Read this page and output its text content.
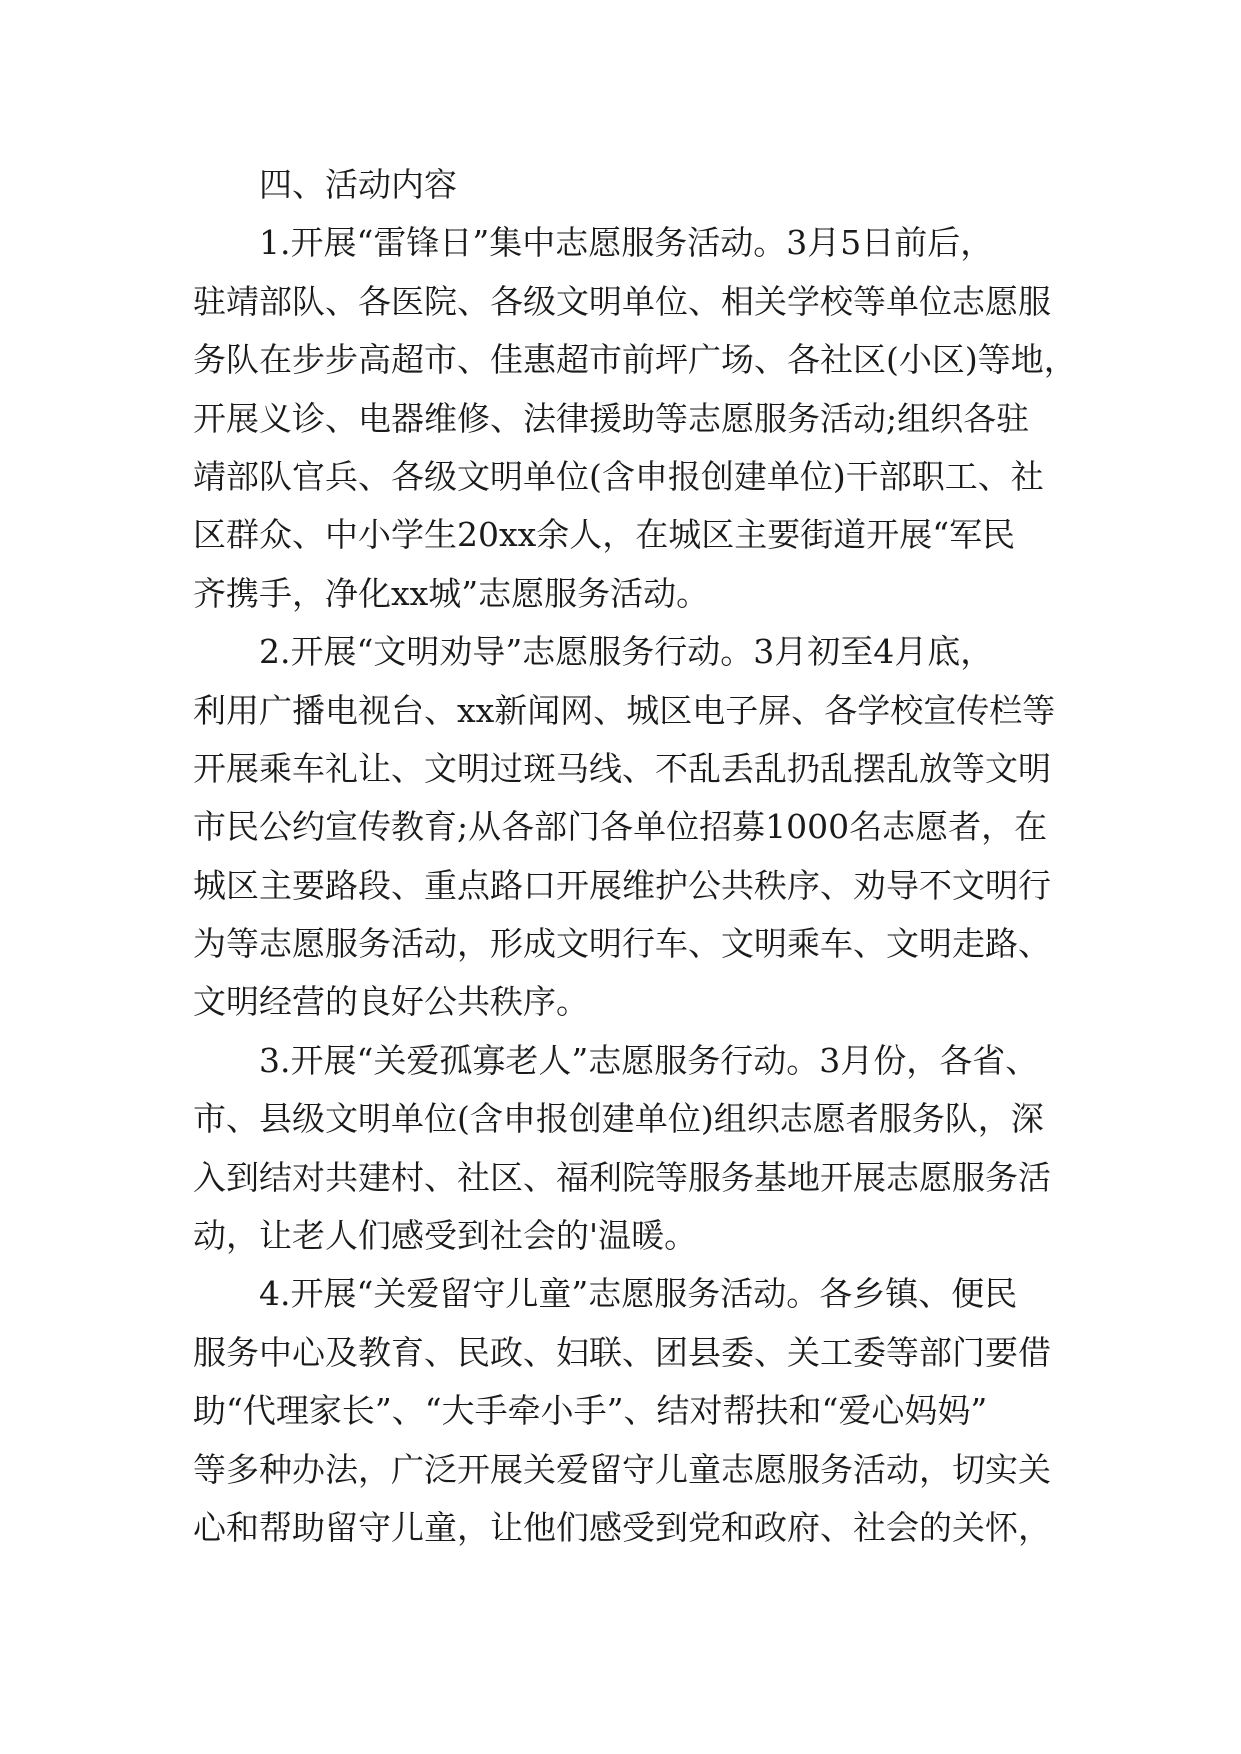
四、活动内容
1.开展“雷锋日”集中志愿服务活动。3月5日前后，
驻靖部队、各医院、各级文明单位、相关学校等单位志愿服
务队在步步高超市、佳惠超市前坪广场、各社区(小区)等地，
开展义诊、电器维修、法律援助等志愿服务活动;组织各驻
靖部队官兵、各级文明单位(含申报创建单位)干部职工、社
区群众、中小学生20xx余人，在城区主要街道开展“军民
齐携手，净化xx城”志愿服务活动。
2.开展“文明劝导”志愿服务行动。3月初至4月底，
利用广播电视台、xx新闻网、城区电子屏、各学校宣传栏等
开展乘车礼让、文明过斑马线、不乱丢乱扔乱摆乱放等文明
市民公约宣传教育;从各部门各单位招募1000名志愿者，在
城区主要路段、重点路口开展维护公共秩序、劝导不文明行
为等志愿服务活动，形成文明行车、文明乘车、文明走路、
文明经营的良好公共秩序。
3.开展“关爱孤寡老人”志愿服务行动。3月份，各省、
市、县级文明单位(含申报创建单位)组织志愿者服务队，深
入到结对共建村、社区、福利院等服务基地开展志愿服务活
动，让老人们感受到社会的'温暖。
4.开展“关爱留守儿童”志愿服务活动。各乡镇、便民
服务中心及教育、民政、妇联、团县委、关工委等部门要借
助“代理家长”、“大手牵小手”、结对帮扶和“爱心妈妈”
等多种办法，广泛开展关爱留守儿童志愿服务活动，切实关
心和帮助留守儿童，让他们感受到党和政府、社会的关怀，
